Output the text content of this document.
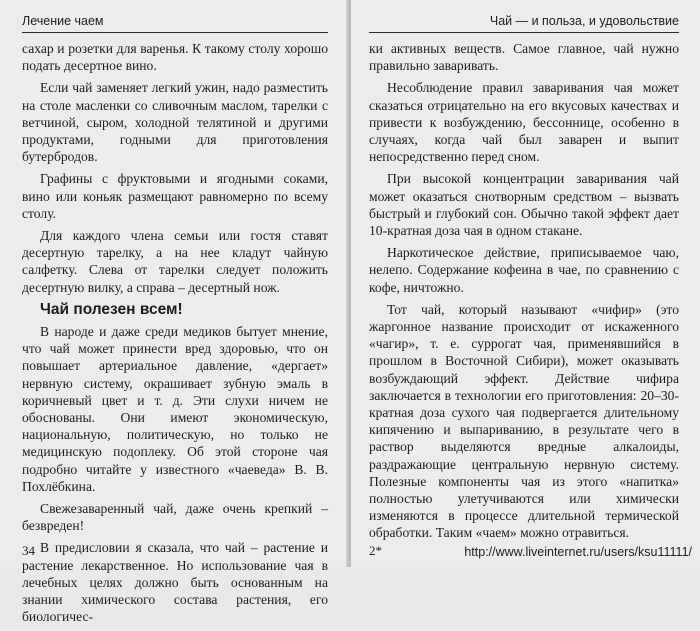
Лечение чаем

сахар и розетки для варенья. К такому столу хорошо подать десертное вино.

Если чай заменяет легкий ужин, надо разместить на столе масленки со сливочным маслом, тарелки с ветчиной, сыром, холодной телятиной и другими продуктами, годными для приготовления бутербродов.

Графины с фруктовыми и ягодными соками, вино или коньяк размещают равномерно по всему столу.

Для каждого члена семьи или гостя ставят десертную тарелку, а на нее кладут чайную салфетку. Слева от тарелки следует положить десертную вилку, а справа – десертный нож.

Чай полезен всем!

В народе и даже среди медиков бытует мнение, что чай может принести вред здоровью, что он повышает артериальное давление, «дергает» нервную систему, окрашивает зубную эмаль в коричневый цвет и т. д. Эти слухи ничем не обоснованы. Они имеют экономическую, национальную, политическую, но только не медицинскую подоплеку. Об этой стороне чая подробно читайте у известного «чаеведа» В. В. Похлёбкина.

Свежезаваренный чай, даже очень крепкий – безвреден!

В предисловии я сказала, что чай – растение и растение лекарственное. Но использование чая в лечебных целях должно быть основанным на знании химического состава растения, его биологичес-

34
Чай — и польза, и удовольствие

ки активных веществ. Самое главное, чай нужно правильно заваривать.

Несоблюдение правил заваривания чая может сказаться отрицательно на его вкусовых качествах и привести к возбуждению, бессоннице, особенно в случаях, когда чай был заварен и выпит непосредственно перед сном.

При высокой концентрации заваривания чай может оказаться снотворным средством – вызвать быстрый и глубокий сон. Обычно такой эффект дает 10-кратная доза чая в одном стакане.

Наркотическое действие, приписываемое чаю, нелепо. Содержание кофеина в чае, по сравнению с кофе, ничтожно.

Тот чай, который называют «чифир» (это жаргонное название происходит от искаженного «чагир», т. е. суррогат чая, применявшийся в прошлом в Восточной Сибири), может оказывать возбуждающий эффект. Действие чифира заключается в технологии его приготовления: 20–30-кратная доза сухого чая подвергается длительному кипячению и выпариванию, в результате чего в раствор выделяются вредные алкалоиды, раздражающие центральную нервную систему. Полезные компоненты чая из этого «напитка» полностью улетучиваются или химически изменяются в процессе длительной термической обработки. Таким «чаем» можно отравиться.

2*	http://www.liveinternet.ru/users/ksu11111/
